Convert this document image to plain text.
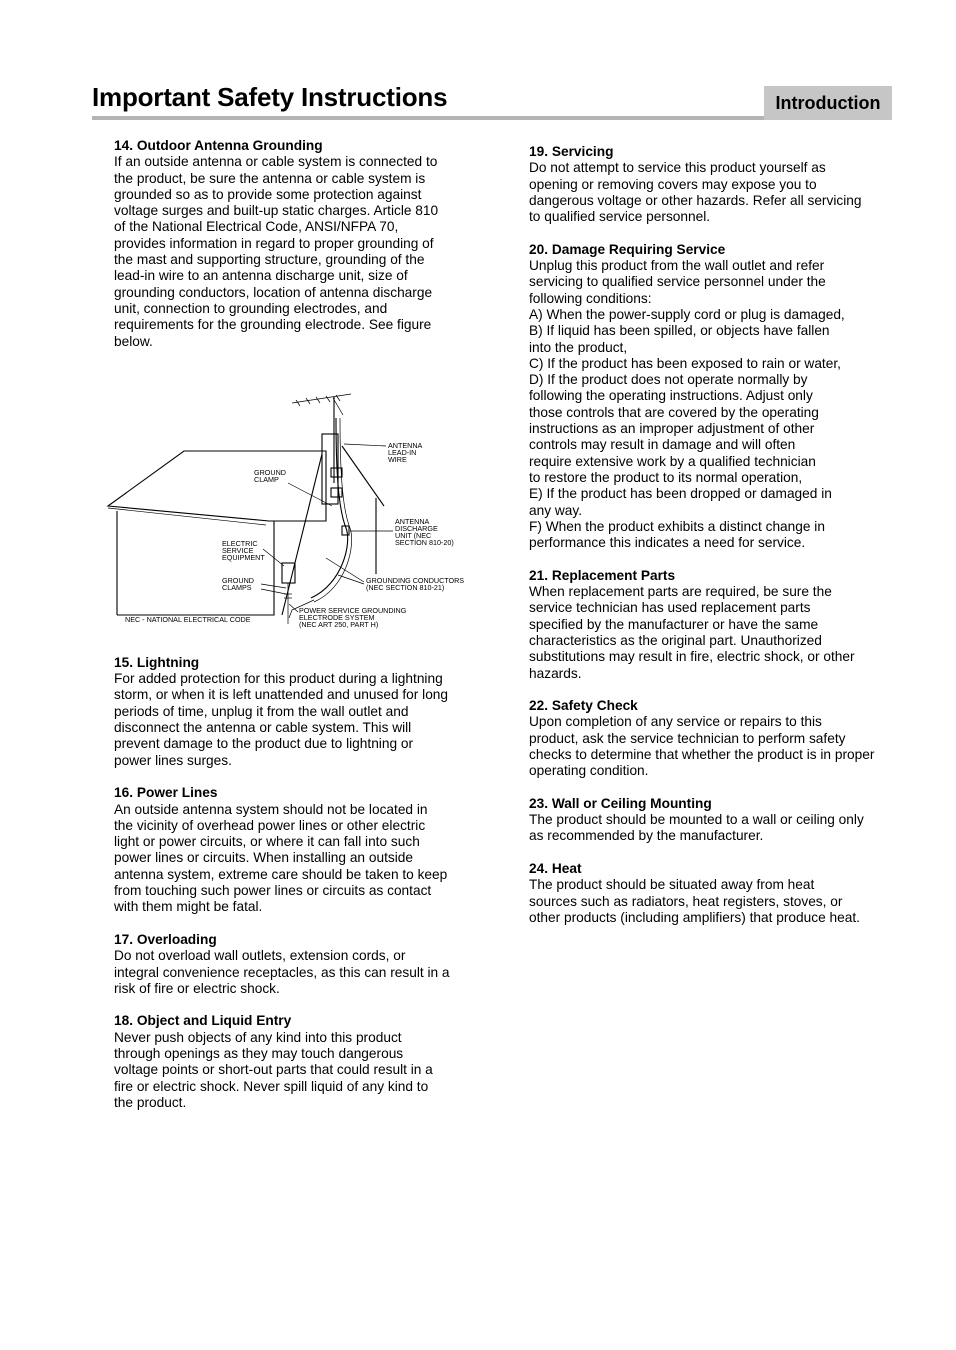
Important Safety Instructions	Introduction
14. Outdoor Antenna Grounding
If an outside antenna or cable system is connected to
the product, be sure the antenna or cable system is
grounded so as to provide some protection against
voltage surges and built-up static charges. Article 810
of the National Electrical Code, ANSI/NFPA 70,
provides information in regard to proper grounding of
the mast and supporting structure, grounding of the
lead-in wire to an antenna discharge unit, size of
grounding conductors, location of antenna discharge
unit, connection to grounding electrodes, and
requirements for the grounding electrode. See figure
below.
ANTENNA LEAD-IN WIRE
GROUND CLAMP
ANTENNA DISCHARGE UNIT (NEC SECTION 810-20)
ELECTRIC SERVICE EQUIPMENT
GROUND CLAMPS
GROUNDING CONDUCTORS (NEC SECTION 810-21)
POWER SERVICE GROUNDING ELECTRODE SYSTEM (NEC ART 250, PART H)
NEC - NATIONAL ELECTRICAL CODE
15. Lightning
For added protection for this product during a lightning
storm, or when it is left unattended and unused for long
periods of time, unplug it from the wall outlet and
disconnect the antenna or cable system. This will
prevent damage to the product due to lightning or
power lines surges.
16. Power Lines
An outside antenna system should not be located in
the vicinity of overhead power lines or other electric
light or power circuits, or where it can fall into such
power lines or circuits. When installing an outside
antenna system, extreme care should be taken to keep
from touching such power lines or circuits as contact
with them might be fatal.
17. Overloading
Do not overload wall outlets, extension cords, or
integral convenience receptacles, as this can result in a
risk of fire or electric shock.
18. Object and Liquid Entry
Never push objects of any kind into this product
through openings as they may touch dangerous
voltage points or short-out parts that could result in a
fire or electric shock. Never spill liquid of any kind to
the product.
19. Servicing
Do not attempt to service this product yourself as
opening or removing covers may expose you to
dangerous voltage or other hazards. Refer all servicing
to qualified service personnel.
20. Damage Requiring Service
Unplug this product from the wall outlet and refer
servicing to qualified service personnel under the
following conditions:
A) When the power-supply cord or plug is damaged,
B) If liquid has been spilled, or objects have fallen
into the product,
C) If the product has been exposed to rain or water,
D) If the product does not operate normally by
following the operating instructions. Adjust only
those controls that are covered by the operating
instructions as an improper adjustment of other
controls may result in damage and will often
require extensive work by a qualified technician
to restore the product to its normal operation,
E) If the product has been dropped or damaged in
any way.
F) When the product exhibits a distinct change in
performance this indicates a need for service.
21. Replacement Parts
When replacement parts are required, be sure the
service technician has used replacement parts
specified by the manufacturer or have the same
characteristics as the original part. Unauthorized
substitutions may result in fire, electric shock, or other
hazards.
22. Safety Check
Upon completion of any service or repairs to this
product, ask the service technician to perform safety
checks to determine that whether the product is in proper
operating condition.
23. Wall or Ceiling Mounting
The product should be mounted to a wall or ceiling only
as recommended by the manufacturer.
24. Heat
The product should be situated away from heat
sources such as radiators, heat registers, stoves, or
other products (including amplifiers) that produce heat.
